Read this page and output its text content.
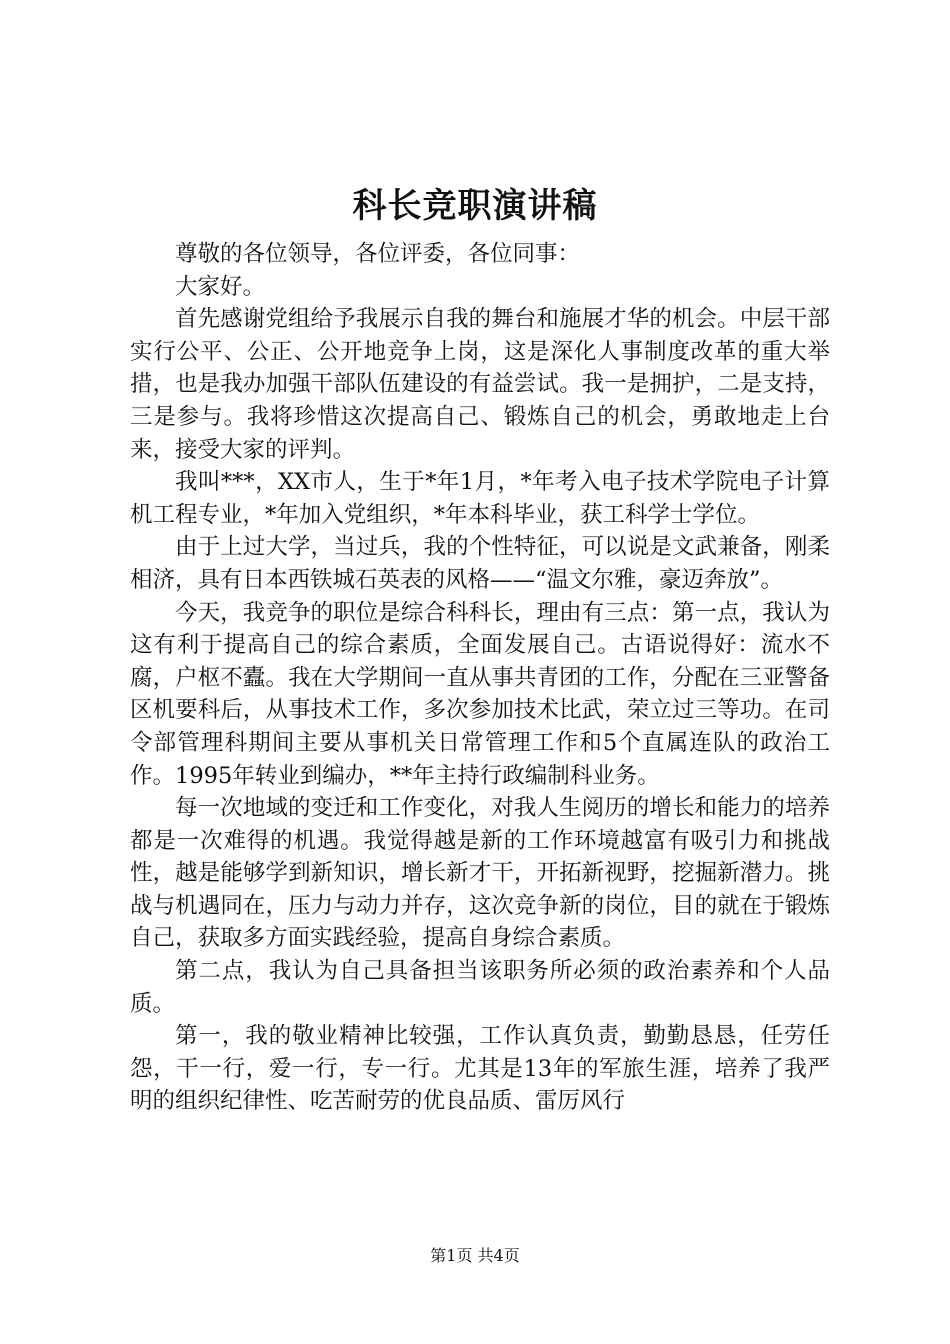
科长竞职演讲稿

尊敬的各位领导，各位评委，各位同事：

大家好。

首先感谢党组给予我展示自我的舞台和施展才华的机会。中层干部实行公平、公正、公开地竞争上岗，这是深化人事制度改革的重大举措，也是我办加强干部队伍建设的有益尝试。我一是拥护，二是支持，三是参与。我将珍惜这次提高自己、锻炼自己的机会，勇敢地走上台来，接受大家的评判。

我叫***，XX市人，生于*年1月，*年考入电子技术学院电子计算机工程专业，*年加入党组织，*年本科毕业，获工科学士学位。

由于上过大学，当过兵，我的个性特征，可以说是文武兼备，刚柔相济，具有日本西铁城石英表的风格——“温文尔雅，豪迈奔放”。

今天，我竞争的职位是综合科科长，理由有三点：第一点，我认为这有利于提高自己的综合素质，全面发展自己。古语说得好：流水不腐，户枢不蠹。我在大学期间一直从事共青团的工作，分配在三亚警备区机要科后，从事技术工作，多次参加技术比武，荣立过三等功。在司令部管理科期间主要从事机关日常管理工作和5个直属连队的政治工作。1995年转业到编办，**年主持行政编制科业务。

每一次地域的变迁和工作变化，对我人生阅历的增长和能力的培养都是一次难得的机遇。我觉得越是新的工作环境越富有吸引力和挑战性，越是能够学到新知识，增长新才干，开拓新视野，挖掘新潜力。挑战与机遇同在，压力与动力并存，这次竞争新的岗位，目的就在于锻炼自己，获取多方面实践经验，提高自身综合素质。

第二点，我认为自己具备担当该职务所必须的政治素养和个人品质。

第一，我的敬业精神比较强，工作认真负责，勤勤恳恳，任劳任怨，干一行，爱一行，专一行。尤其是13年的军旅生涯，培养了我严明的组织纪律性、吃苦耐劳的优良品质、雷厉风行

第1页 共4页
